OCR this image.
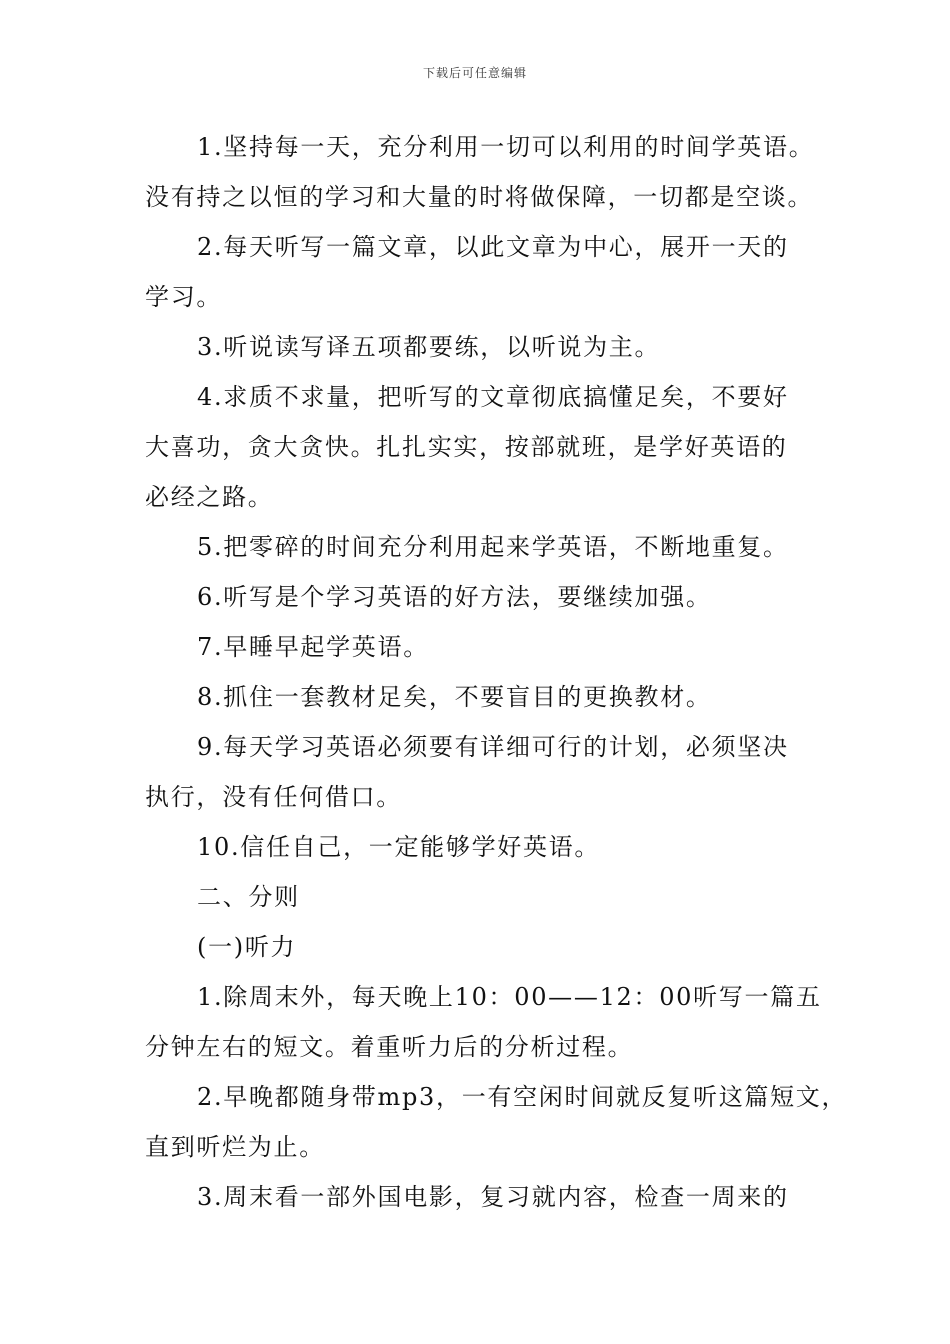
下载后可任意编辑

1.坚持每一天，充分利用一切可以利用的时间学英语。

没有持之以恒的学习和大量的时将做保障，一切都是空谈。

2.每天听写一篇文章，以此文章为中心，展开一天的

学习。

3.听说读写译五项都要练，以听说为主。

4.求质不求量，把听写的文章彻底搞懂足矣，不要好

大喜功，贪大贪快。扎扎实实，按部就班，是学好英语的

必经之路。

5.把零碎的时间充分利用起来学英语，不断地重复。

6.听写是个学习英语的好方法，要继续加强。

7.早睡早起学英语。

8.抓住一套教材足矣，不要盲目的更换教材。

9.每天学习英语必须要有详细可行的计划，必须坚决

执行，没有任何借口。

10.信任自己，一定能够学好英语。

二、分则

(一)听力

1.除周末外，每天晚上10：00——12：00听写一篇五

分钟左右的短文。着重听力后的分析过程。

2.早晚都随身带mp3，一有空闲时间就反复听这篇短文，

直到听烂为止。

3.周末看一部外国电影，复习就内容，检查一周来的
